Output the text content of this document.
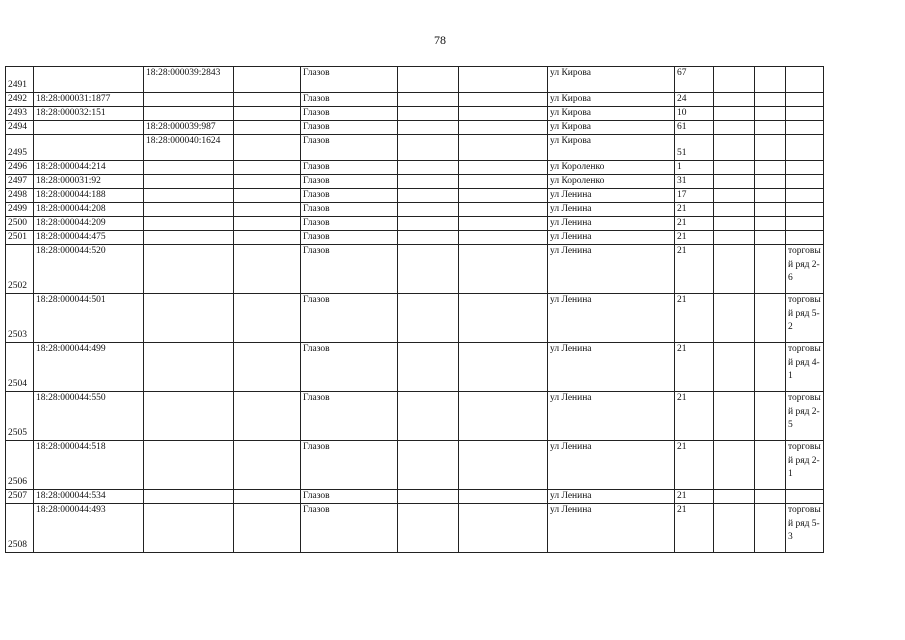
78
2491		18:28:000039:2843		Глазов			ул Кирова	67			
2492	18:28:000031:1877			Глазов			ул Кирова	24			
2493	18:28:000032:151			Глазов			ул Кирова	10			
2494		18:28:000039:987		Глазов			ул Кирова	61			
2495		18:28:000040:1624		Глазов			ул Кирова	51			
2496	18:28:000044:214			Глазов			ул Короленко	1			
2497	18:28:000031:92			Глазов			ул Короленко	31			
2498	18:28:000044:188			Глазов			ул Ленина	17			
2499	18:28:000044:208			Глазов			ул Ленина	21			
2500	18:28:000044:209			Глазов			ул Ленина	21			
2501	18:28:000044:475			Глазов			ул Ленина	21			
2502	18:28:000044:520			Глазов			ул Ленина	21			торговый ряд 2-6
2503	18:28:000044:501			Глазов			ул Ленина	21			торговый ряд 5-2
2504	18:28:000044:499			Глазов			ул Ленина	21			торговый ряд 4-1
2505	18:28:000044:550			Глазов			ул Ленина	21			торговый ряд 2-5
2506	18:28:000044:518			Глазов			ул Ленина	21			торговый ряд 2-1
2507	18:28:000044:534			Глазов			ул Ленина	21			
2508	18:28:000044:493			Глазов			ул Ленина	21			торговый ряд 5-3
